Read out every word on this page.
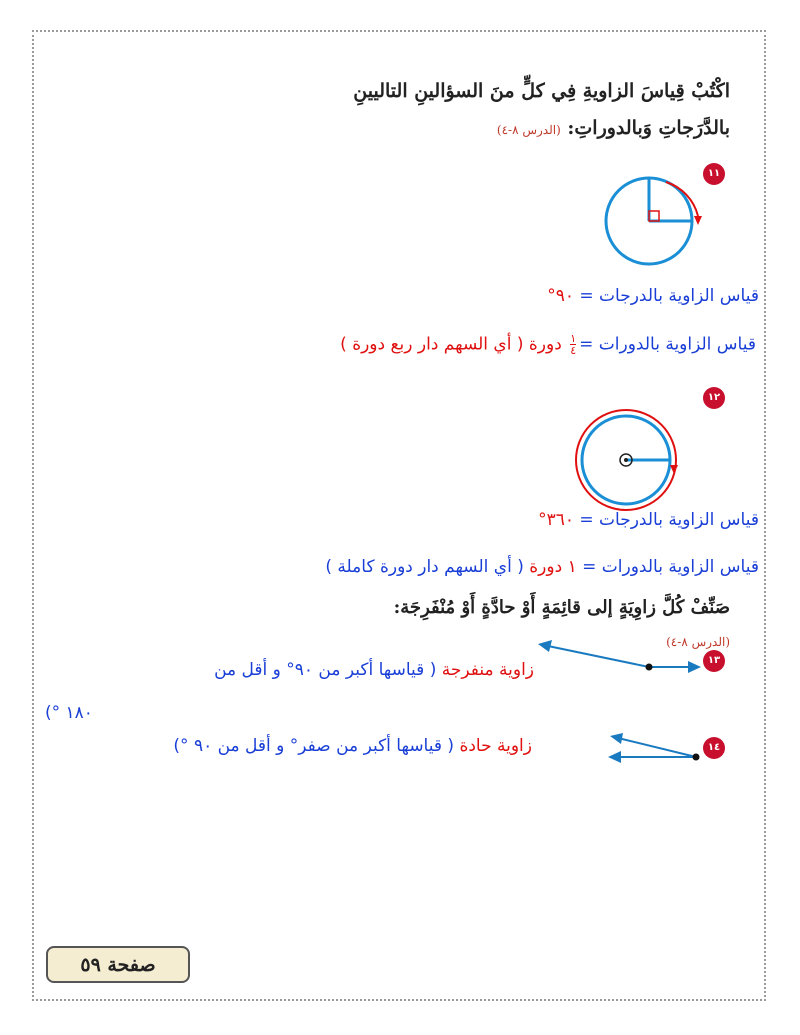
اكْتُبْ قِياسَ الزاويةِ فِي كلٍّ منَ السؤالينِ التاليينِ
بالدَّرَجاتِ وَبالدوراتِ: (الدرس ٨-٤)
١١
قياس الزاوية بالدرجات = ٩٠°
قياس الزاوية بالدورات =
$\frac{١}{٤}$
دورة ( أي السهم دار ربع دورة )
١٢
قياس الزاوية بالدرجات = ٣٦٠°
قياس الزاوية بالدورات = ١ دورة ( أي السهم دار دورة كاملة )
صَنِّفْ كُلَّ زاوِيَةٍ إلى قائِمَةٍ أَوْ حادَّةٍ أَوْ مُنْفَرِجَة:
(الدرس ٨-٤)
١٣
زاوية منفرجة ( قياسها أكبر من ٩٠° و أقل من
١٨٠ °)
١٤
زاوية حادة ( قياسها أكبر من صفر° و أقل من ٩٠ °)
صفحة ٥٩
